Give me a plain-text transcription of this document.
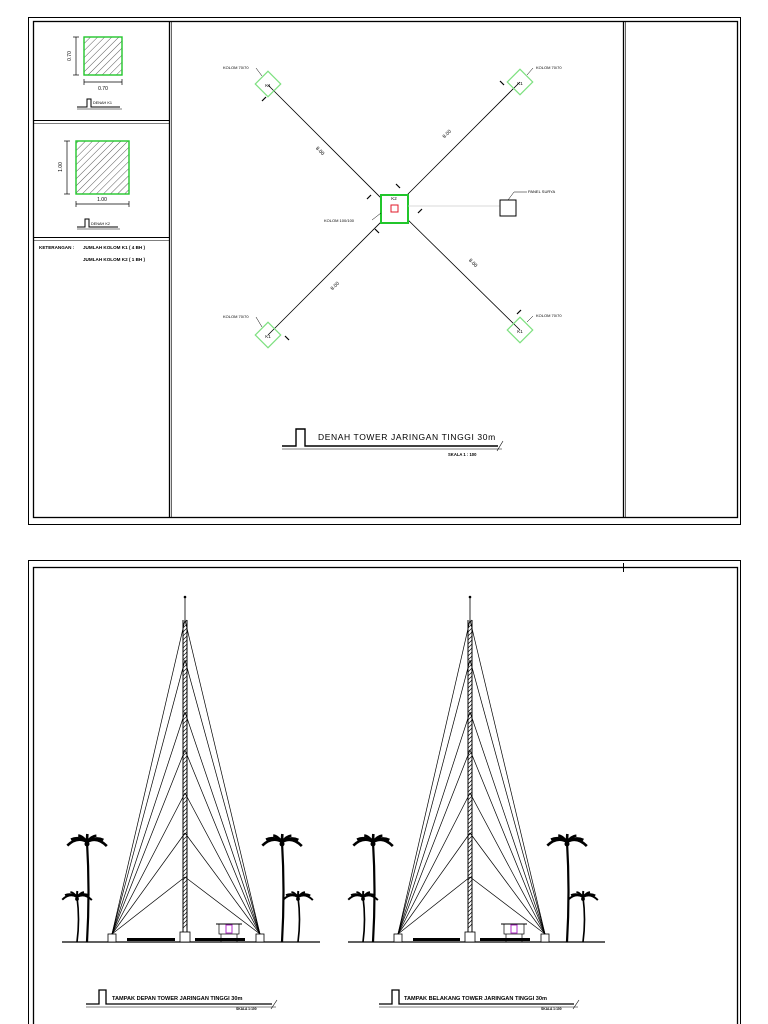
0.70
0.70
DENAH K1
1.00
1.00
DENAH K2
KETERANGAN : JUMLAH KOLOM K1 ( 4 BH )
JUMLAH KOLOM K2 ( 1 BH )
K1	K1
K1
K1
KOLOM 70/70	KOLOM 70/70
KOLOM 70/70	KOLOM 70/70
8.00
8.00
8.00
8.00
K2
KOLOM 100/100
PANEL SURYA
DENAH TOWER JARINGAN TINGGI 30m
SKALA 1 : 100
TAMPAK DEPAN TOWER JARINGAN TINGGI 30m
SKALA 1:100
TAMPAK BELAKANG TOWER JARINGAN TINGGI 30m
SKALA 1:100
